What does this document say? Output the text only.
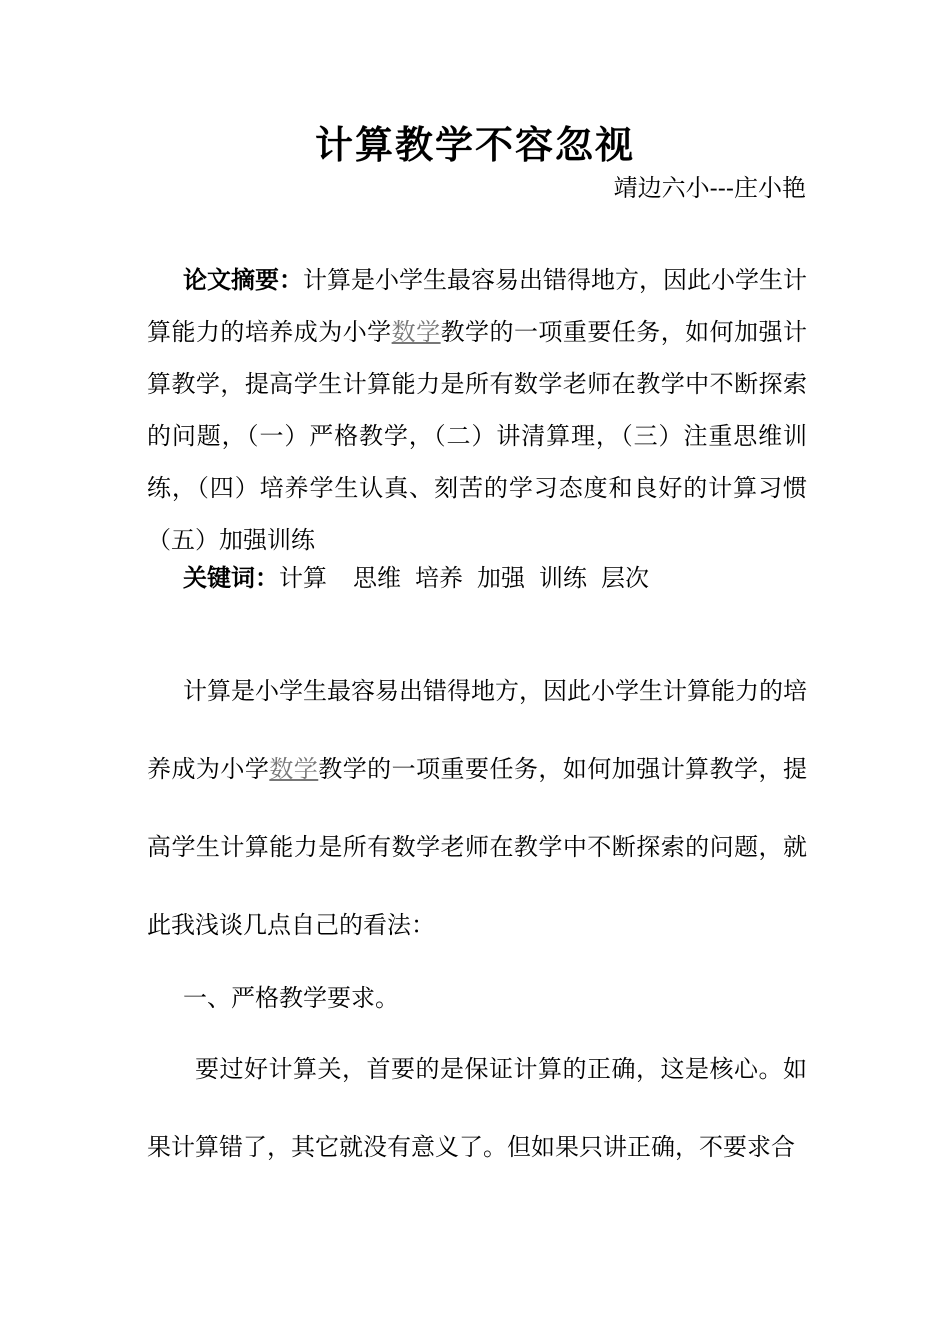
计算教学不容忽视
靖边六小---庄小艳
论文摘要：计算是小学生最容易出错得地方，因此小学生计算能力的培养成为小学数学教学的一项重要任务，如何加强计算教学，提高学生计算能力是所有数学老师在教学中不断探索的问题，（一）严格教学，（二）讲清算理，（三）注重思维训练，（四）培养学生认真、刻苦的学习态度和良好的计算习惯（五）加强训练
关键词：计算 思维 培养 加强 训练 层次
计算是小学生最容易出错得地方，因此小学生计算能力的培养成为小学数学教学的一项重要任务，如何加强计算教学，提高学生计算能力是所有数学老师在教学中不断探索的问题，就此我浅谈几点自己的看法：
一、严格教学要求。
要过好计算关，首要的是保证计算的正确，这是核心。如果计算错了，其它就没有意义了。但如果只讲正确，不要求合
